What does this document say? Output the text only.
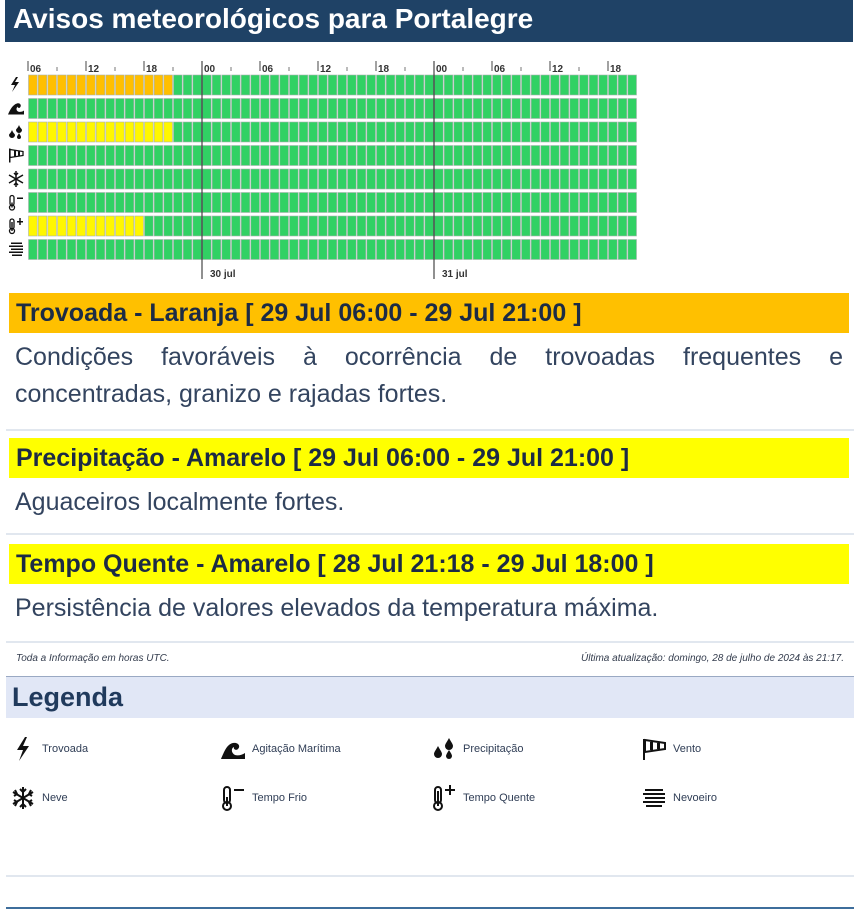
Avisos meteorológicos para Portalegre
06	12	18	00	06	12	18	00	06	12	18
30 jul	31 jul
Trovoada - Laranja [ 29 Jul 06:00 - 29 Jul 21:00 ]
Condições favoráveis à ocorrência de trovoadas frequentes e concentradas, granizo e rajadas fortes.
Precipitação - Amarelo [ 29 Jul 06:00 - 29 Jul 21:00 ]
Aguaceiros localmente fortes.
Tempo Quente - Amarelo [ 28 Jul 21:18 - 29 Jul 18:00 ]
Persistência de valores elevados da temperatura máxima.
Toda a Informação em horas UTC.	Última atualização: domingo, 28 de julho de 2024 às 21:17.
Legenda
Trovoada	Agitação Marítima	Precipitação	Vento
Neve	Tempo Frio	Tempo Quente	Nevoeiro
